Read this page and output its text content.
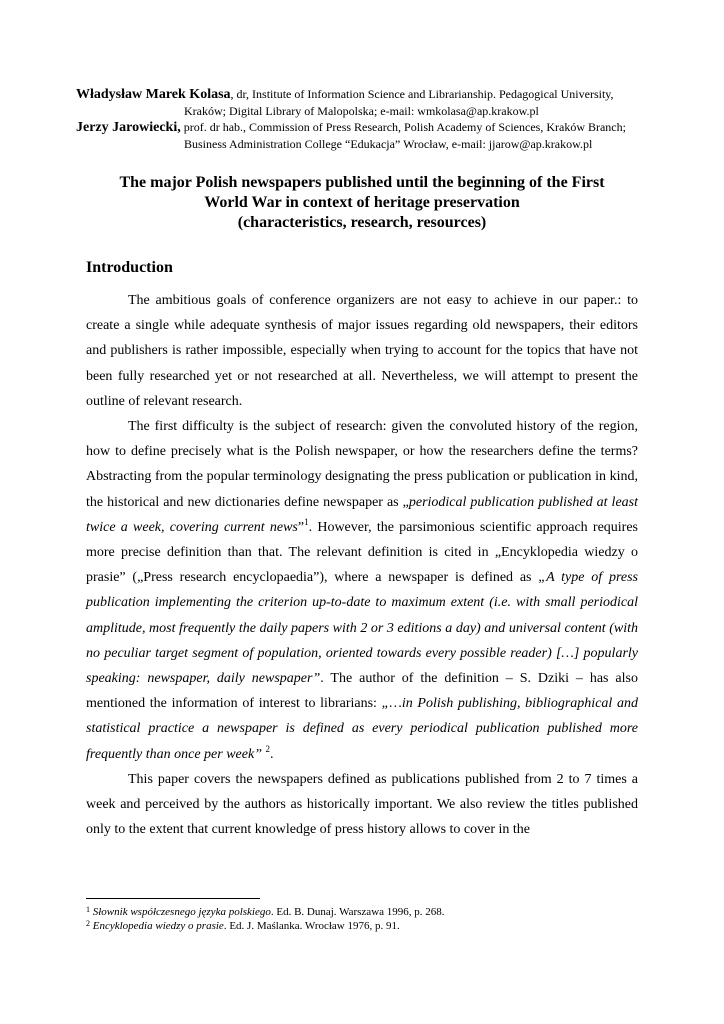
Władysław Marek Kolasa, dr, Institute of Information Science and Librarianship. Pedagogical University,

Kraków; Digital Library of Malopolska; e-mail: wmkolasa@ap.krakow.pl

Jerzy Jarowiecki, prof. dr hab., Commission of Press Research, Polish Academy of Sciences, Kraków Branch;

Business Administration College “Edukacja” Wrocław, e-mail: jjarow@ap.krakow.pl

The major Polish newspapers published until the beginning of the First
World War in context of heritage preservation
(characteristics, research, resources)
Introduction

The ambitious goals of conference organizers are not easy to achieve in our paper.: to create a single while adequate synthesis of major issues regarding old newspapers, their editors and publishers is rather impossible, especially when trying to account for the topics that have not been fully researched yet or not researched at all. Nevertheless, we will attempt to present the outline of relevant research.

The first difficulty is the subject of research: given the convoluted history of the region, how to define precisely what is the Polish newspaper, or how the researchers define the terms? Abstracting from the popular terminology designating the press publication or publication in kind, the historical and new dictionaries define newspaper as „periodical publication published at least twice a week, covering current news”$^1$. However, the parsimonious scientific approach requires more precise definition than that. The relevant definition is cited in „Encyklopedia wiedzy o prasie” („Press research encyclopaedia”), where a newspaper is defined as „A type of press publication implementing the criterion up-to-date to maximum extent (i.e. with small periodical amplitude, most frequently the daily papers with 2 or 3 editions a day) and universal content (with no peculiar target segment of population, oriented towards every possible reader) […] popularly speaking: newspaper, daily newspaper”. The author of the definition – S. Dziki – has also mentioned the information of interest to librarians: „…in Polish publishing, bibliographical and statistical practice a newspaper is defined as every periodical publication published more frequently than once per week” $^2$.

This paper covers the newspapers defined as publications published from 2 to 7 times a week and perceived by the authors as historically important. We also review the titles published only to the extent that current knowledge of press history allows to cover in the

$^1$ Słownik współczesnego języka polskiego. Ed. B. Dunaj. Warszawa 1996, p. 268.
$^2$ Encyklopedia wiedzy o prasie. Ed. J. Maślanka. Wrocław 1976, p. 91.
